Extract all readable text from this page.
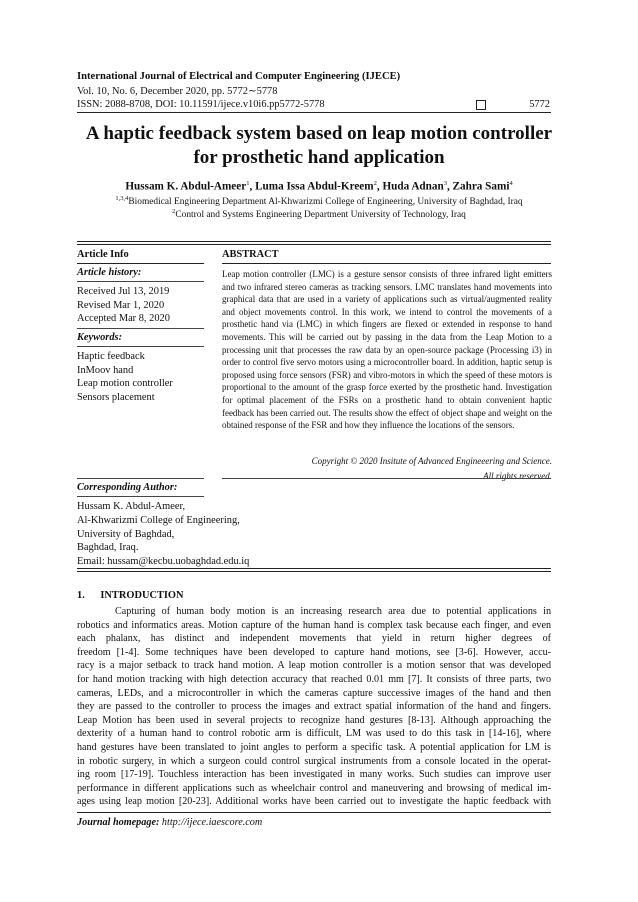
International Journal of Electrical and Computer Engineering (IJECE)
Vol. 10, No. 6, December 2020, pp. 5772∼5778
ISSN: 2088-8708, DOI: 10.11591/ijece.v10i6.pp5772-5778	5772
A haptic feedback system based on leap motion controller
for prosthetic hand application
Hussam K. Abdul-Ameer$^1$, Luma Issa Abdul-Kreem$^2$, Huda Adnan$^3$, Zahra Sami$^4$
$^{1,3,4}$Biomedical Engineering Department Al-Khwarizmi College of Engineering, University of Baghdad, Iraq
$^2$Control and Systems Engineering Department University of Technology, Iraq
Article Info
Article history:
Received Jul 13, 2019
Revised Mar 1, 2020
Accepted Mar 8, 2020
Keywords:
Haptic feedback
InMoov hand
Leap motion controller
Sensors placement
ABSTRACT
Leap motion controller (LMC) is a gesture sensor consists of three infrared light emitters and two infrared stereo cameras as tracking sensors. LMC translates hand movements into graphical data that are used in a variety of applications such as virtual/augmented reality and object movements control. In this work, we intend to control the movements of a prosthetic hand via (LMC) in which fingers are flexed or extended in response to hand movements. This will be carried out by passing in the data from the Leap Motion to a processing unit that processes the raw data by an open-source package (Processing i3) in order to control five servo motors using a microcontroller board. In addition, haptic setup is proposed using force sensors (FSR) and vibro-motors in which the speed of these motors is proportional to the amount of the grasp force exerted by the prosthetic hand. Investigation for optimal placement of the FSRs on a prosthetic hand to obtain convenient haptic feedback has been carried out. The results show the effect of object shape and weight on the obtained response of the FSR and how they influence the locations of the sensors.
Copyright © 2020 Insitute of Advanced Engineeering and Science.
All rights reserved.
Corresponding Author:
Hussam K. Abdul-Ameer,
Al-Khwarizmi College of Engineering,
University of Baghdad,
Baghdad, Iraq.
Email: hussam@kecbu.uobaghdad.edu.iq
1.      INTRODUCTION
Capturing of human body motion is an increasing research area due to potential applications in
robotics and informatics areas. Motion capture of the human hand is complex task because each finger, and even
each phalanx, has distinct and independent movements that yield in return higher degrees of
freedom [1-4]. Some techniques have been developed to capture hand motions, see [3-6]. However, accu-
racy is a major setback to track hand motion. A leap motion controller is a motion sensor that was developed
for hand motion tracking with high detection accuracy that reached 0.01 mm [7]. It consists of three parts, two
cameras, LEDs, and a microcontroller in which the cameras capture successive images of the hand and then
they are passed to the controller to process the images and extract spatial information of the hand and fingers.
Leap Motion has been used in several projects to recognize hand gestures [8-13]. Although approaching the
dexterity of a human hand to control robotic arm is difficult, LM was used to do this task in [14-16], where
hand gestures have been translated to joint angles to perform a specific task. A potential application for LM is
in robotic surgery, in which a surgeon could control surgical instruments from a console located in the operat-
ing room [17-19]. Touchless interaction has been investigated in many works. Such studies can improve user
performance in different applications such as wheelchair control and maneuvering and browsing of medical im-
ages using leap motion [20-23]. Additional works have been carried out to investigate the haptic feedback with
Journal homepage: http://ijece.iaescore.com
